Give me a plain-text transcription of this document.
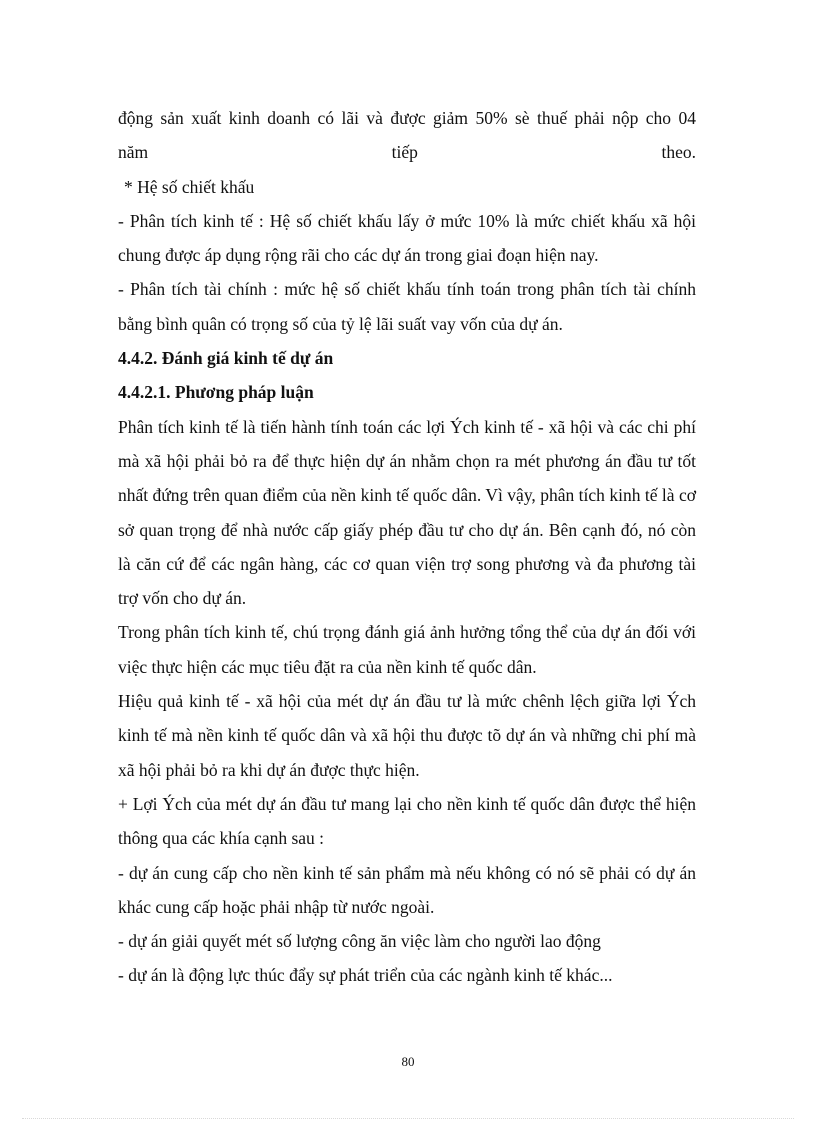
động sản xuất kinh doanh có lãi và được giảm 50% sè thuế phải nộp cho 04

năm tiếp theo.

* Hệ số chiết khấu

- Phân tích kinh tế : Hệ số chiết khấu lấy ở mức 10% là mức chiết khấu xã hội chung được áp dụng rộng rãi cho các dự án trong giai đoạn hiện nay.

- Phân tích tài chính : mức hệ số chiết khấu tính toán trong phân tích tài chính bằng bình quân có trọng số của tỷ lệ lãi suất vay vốn của dự án.

4.4.2. Đánh giá kinh tế dự án

4.4.2.1. Phương pháp luận

Phân tích kinh tế là tiến hành tính toán các lợi Ých kinh tế - xã hội và các chi phí mà xã hội phải bỏ ra để thực hiện dự án nhằm chọn ra mét phương án đầu tư tốt nhất đứng trên quan điểm của nền kinh tế quốc dân. Vì vậy, phân tích kinh tế là cơ sở quan trọng để nhà nước cấp giấy phép đầu tư cho dự án. Bên cạnh đó, nó còn là căn cứ để các ngân hàng, các cơ quan viện trợ song phương và đa phương tài trợ vốn cho dự án.

Trong phân tích kinh tế, chú trọng đánh giá ảnh hưởng tổng thể của dự án đối với việc thực hiện các mục tiêu đặt ra của nền kinh tế quốc dân.

Hiệu quả kinh tế - xã hội của mét dự án đầu tư là mức chênh lệch giữa lợi Ých kinh tế mà nền kinh tế quốc dân và xã hội thu được tõ dự án và những chi phí mà xã hội phải bỏ ra khi dự án được thực hiện.

+ Lợi Ých của mét dự án đầu tư mang lại cho nền kinh tế quốc dân được thể hiện thông qua các khía cạnh sau :

- dự án cung cấp cho nền kinh tế sản phẩm mà nếu không có nó sẽ phải có dự án khác cung cấp hoặc phải nhập từ nước ngoài.

- dự án giải quyết mét số lượng công ăn việc làm cho người lao động

- dự án là động lực thúc đẩy sự phát triển của các ngành kinh tế khác...

80
